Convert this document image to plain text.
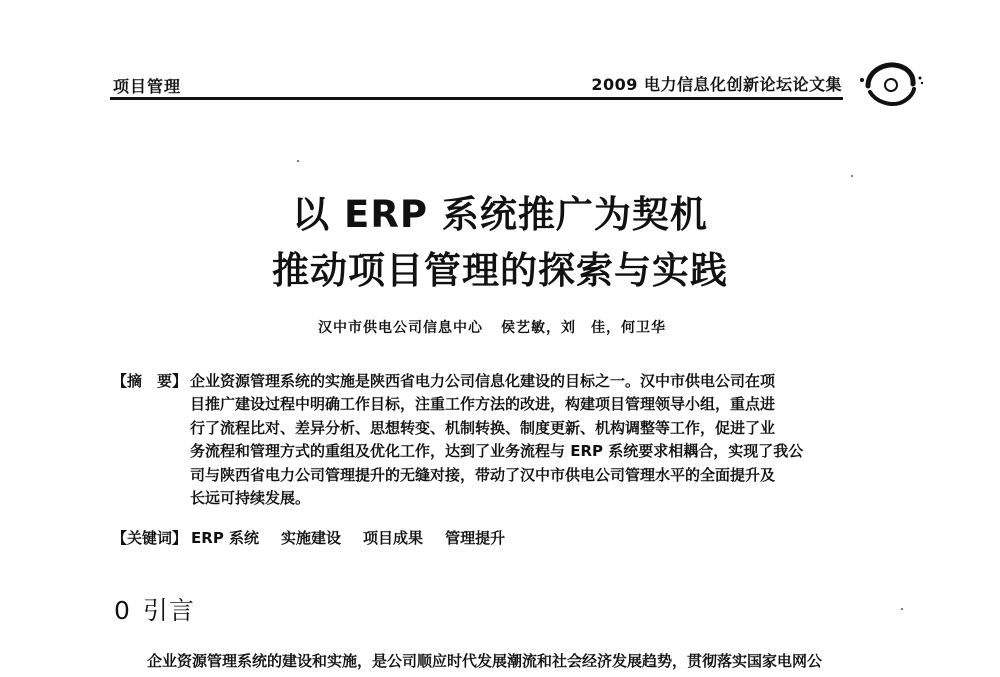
项目管理	2009 电力信息化创新论坛论文集
以 ERP 系统推广为契机
推动项目管理的探索与实践
汉中市供电公司信息中心 侯艺敏，刘　佳，何卫华
【摘　要】 企业资源管理系统的实施是陕西省电力公司信息化建设的目标之一。汉中市供电公司在项
目推广建设过程中明确工作目标，注重工作方法的改进，构建项目管理领导小组，重点进
行了流程比对、差异分析、思想转变、机制转换、制度更新、机构调整等工作，促进了业
务流程和管理方式的重组及优化工作，达到了业务流程与 ERP 系统要求相耦合，实现了我公
司与陕西省电力公司管理提升的无缝对接，带动了汉中市供电公司管理水平的全面提升及
长远可持续发展。
【关键词】 ERP 系统 实施建设 项目成果 管理提升
0 引言
企业资源管理系统的建设和实施，是公司顺应时代发展潮流和社会经济发展趋势，贯彻落实国家电网公
